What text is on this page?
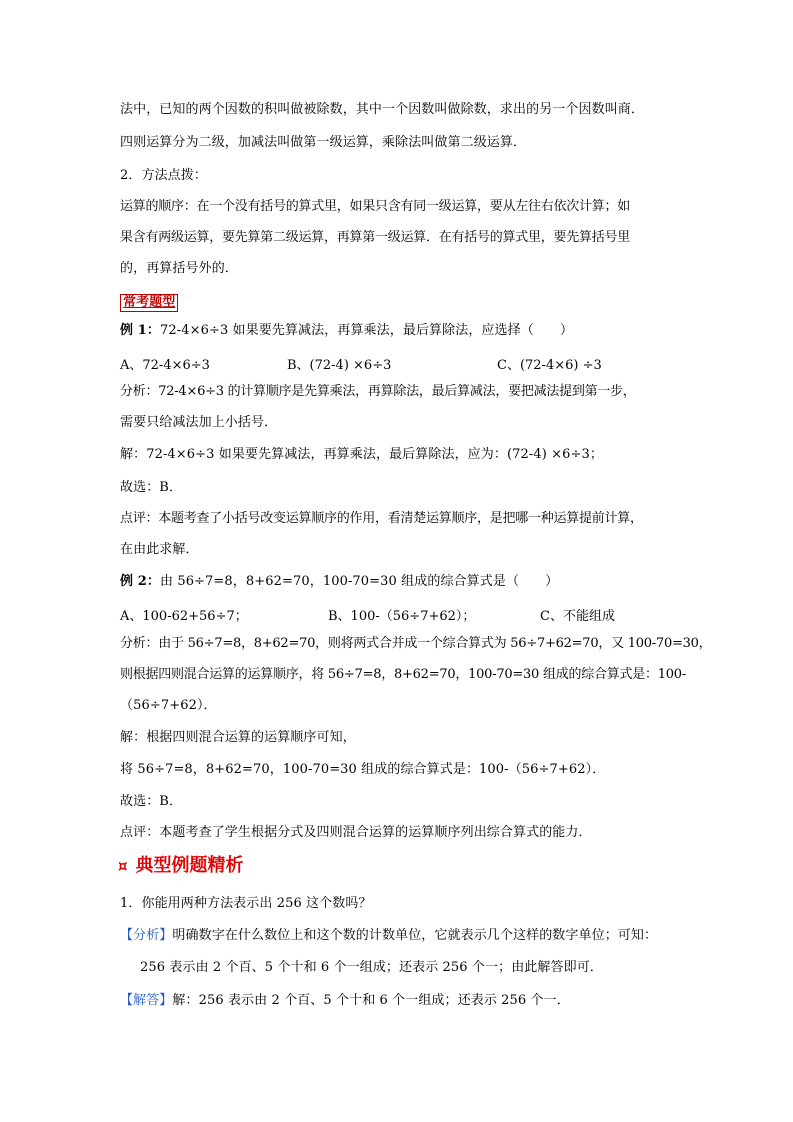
法中，已知的两个因数的积叫做被除数，其中一个因数叫做除数，求出的另一个因数叫商．
四则运算分为二级，加减法叫做第一级运算，乘除法叫做第二级运算．
2．方法点拨：
运算的顺序：在一个没有括号的算式里，如果只含有同一级运算，要从左往右依次计算；如
果含有两级运算，要先算第二级运算，再算第一级运算．在有括号的算式里，要先算括号里
的，再算括号外的．
常考题型
例 1：72-4×6÷3 如果要先算减法，再算乘法，最后算除法，应选择（　　）
A、72-4×6÷3	B、(72-4) ×6÷3	C、(72-4×6) ÷3
分析：72-4×6÷3 的计算顺序是先算乘法，再算除法，最后算减法，要把减法提到第一步，
需要只给减法加上小括号．
解：72-4×6÷3 如果要先算减法，再算乘法，最后算除法，应为：(72-4) ×6÷3；
故选：B．
点评：本题考查了小括号改变运算顺序的作用，看清楚运算顺序，是把哪一种运算提前计算，
在由此求解．
例 2：由 56÷7=8，8+62=70，100-70=30 组成的综合算式是（　　）
A、100-62+56÷7；	B、100-（56÷7+62）；	C、不能组成
分析：由于 56÷7=8，8+62=70，则将两式合并成一个综合算式为 56÷7+62=70，又 100-70=30，
则根据四则混合运算的运算顺序，将 56÷7=8，8+62=70，100-70=30 组成的综合算式是：100-
（56÷7+62）．
解：根据四则混合运算的运算顺序可知，
将 56÷7=8，8+62=70，100-70=30 组成的综合算式是：100-（56÷7+62）．
故选：B．
点评：本题考查了学生根据分式及四则混合运算的运算顺序列出综合算式的能力．
¤ 典型例题精析
1．你能用两种方法表示出 256 这个数吗？
【分析】明确数字在什么数位上和这个数的计数单位，它就表示几个这样的数字单位；可知：
256 表示由 2 个百、5 个十和 6 个一组成；还表示 256 个一；由此解答即可．
【解答】解：256 表示由 2 个百、5 个十和 6 个一组成；还表示 256 个一．
